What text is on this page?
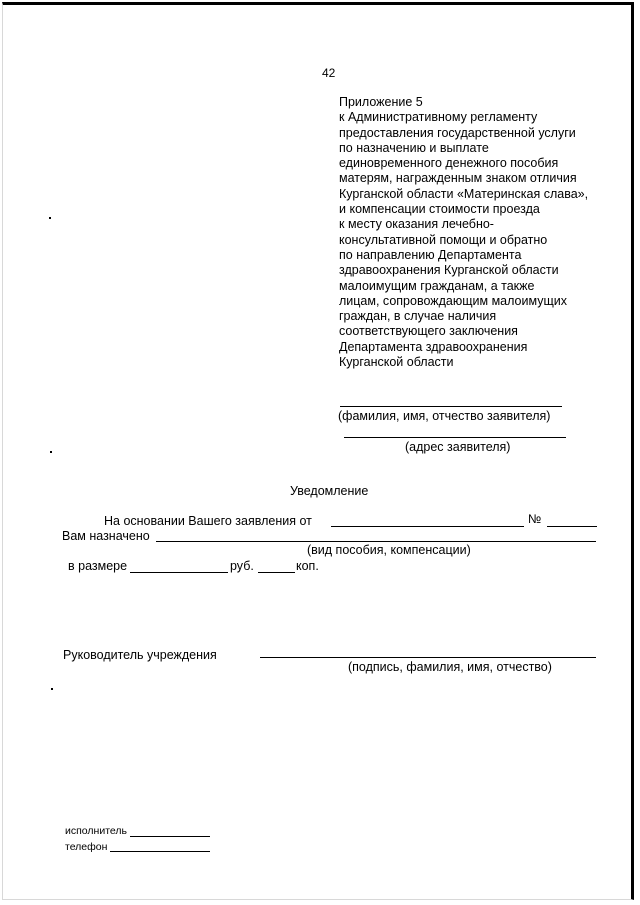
42
Приложение 5
к Административному регламенту
предоставления государственной услуги
по назначению и выплате
единовременного денежного пособия
матерям, награжденным знаком отличия
Курганской области «Материнская слава»,
и компенсации стоимости проезда
к месту оказания лечебно-
консультативной помощи и обратно
по направлению Департамента
здравоохранения Курганской области
малоимущим гражданам, а также
лицам, сопровождающим малоимущих
граждан, в случае наличия
соответствующего заключения
Департамента здравоохранения
Курганской области
(фамилия, имя, отчество заявителя)
(адрес заявителя)
Уведомление
На основании Вашего заявления от	№
Вам назначено
(вид пособия, компенсации)
в размере	руб.	коп.
Руководитель учреждения
(подпись, фамилия, имя, отчество)
исполнитель
телефон
